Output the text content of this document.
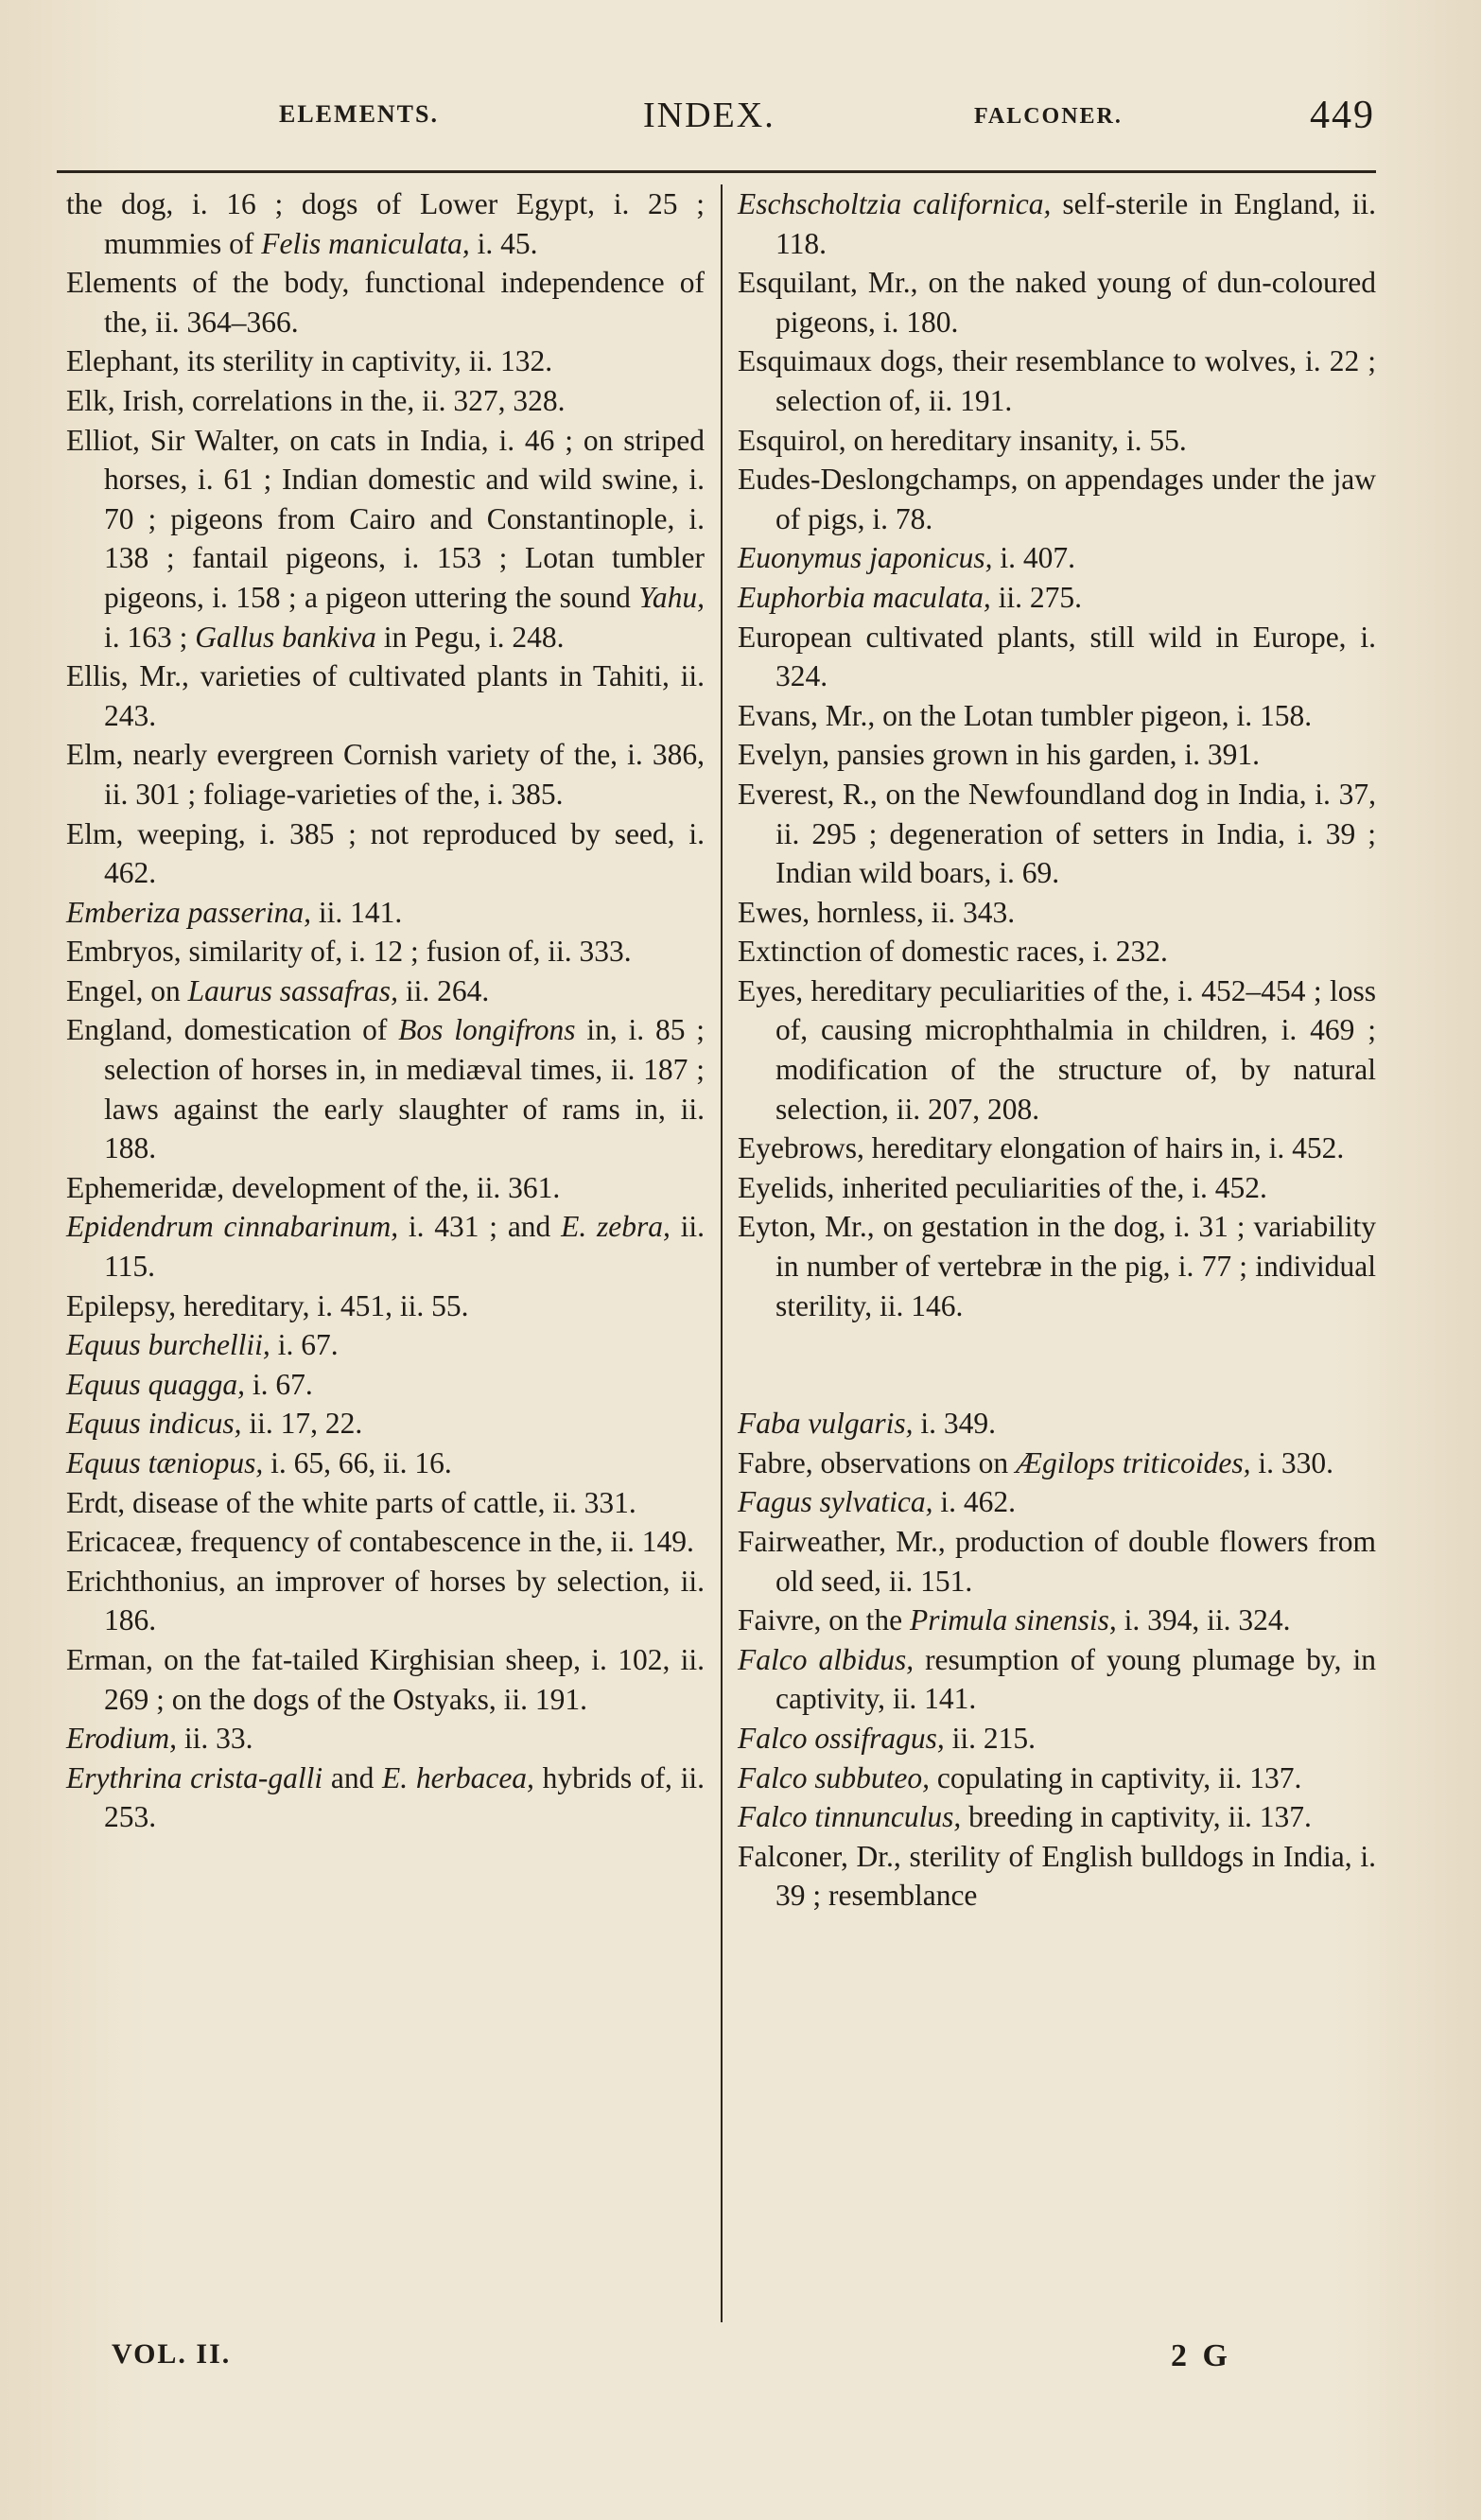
ELEMENTS.	INDEX.	FALCONER.	449

the dog, i. 16 ; dogs of Lower Egypt, i. 25 ; mummies of Felis maniculata, i. 45.

Elements of the body, functional independence of the, ii. 364–366.

Elephant, its sterility in captivity, ii. 132.

Elk, Irish, correlations in the, ii. 327, 328.

Elliot, Sir Walter, on cats in India, i. 46 ; on striped horses, i. 61 ; Indian domestic and wild swine, i. 70 ; pigeons from Cairo and Constantinople, i. 138 ; fantail pigeons, i. 153 ; Lotan tumbler pigeons, i. 158 ; a pigeon uttering the sound Yahu, i. 163 ; Gallus bankiva in Pegu, i. 248.

Ellis, Mr., varieties of cultivated plants in Tahiti, ii. 243.

Elm, nearly evergreen Cornish variety of the, i. 386, ii. 301 ; foliage-varieties of the, i. 385.

Elm, weeping, i. 385 ; not reproduced by seed, i. 462.

Emberiza passerina, ii. 141.

Embryos, similarity of, i. 12 ; fusion of, ii. 333.

Engel, on Laurus sassafras, ii. 264.

England, domestication of Bos longifrons in, i. 85 ; selection of horses in, in mediæval times, ii. 187 ; laws against the early slaughter of rams in, ii. 188.

Ephemeridæ, development of the, ii. 361.

Epidendrum cinnabarinum, i. 431 ; and E. zebra, ii. 115.

Epilepsy, hereditary, i. 451, ii. 55.

Equus burchellii, i. 67.

Equus quagga, i. 67.

Equus indicus, ii. 17, 22.

Equus tæniopus, i. 65, 66, ii. 16.

Erdt, disease of the white parts of cattle, ii. 331.

Ericaceæ, frequency of contabescence in the, ii. 149.

Erichthonius, an improver of horses by selection, ii. 186.

Erman, on the fat-tailed Kirghisian sheep, i. 102, ii. 269 ; on the dogs of the Ostyaks, ii. 191.

Erodium, ii. 33.

Erythrina crista-galli and E. herbacea, hybrids of, ii. 253.

Eschscholtzia californica, self-sterile in England, ii. 118.

Esquilant, Mr., on the naked young of dun-coloured pigeons, i. 180.

Esquimaux dogs, their resemblance to wolves, i. 22 ; selection of, ii. 191.

Esquirol, on hereditary insanity, i. 55.

Eudes-Deslongchamps, on appendages under the jaw of pigs, i. 78.

Euonymus japonicus, i. 407.

Euphorbia maculata, ii. 275.

European cultivated plants, still wild in Europe, i. 324.

Evans, Mr., on the Lotan tumbler pigeon, i. 158.

Evelyn, pansies grown in his garden, i. 391.

Everest, R., on the Newfoundland dog in India, i. 37, ii. 295 ; degeneration of setters in India, i. 39 ; Indian wild boars, i. 69.

Ewes, hornless, ii. 343.

Extinction of domestic races, i. 232.

Eyes, hereditary peculiarities of the, i. 452–454 ; loss of, causing microphthalmia in children, i. 469 ; modification of the structure of, by natural selection, ii. 207, 208.

Eyebrows, hereditary elongation of hairs in, i. 452.

Eyelids, inherited peculiarities of the, i. 452.

Eyton, Mr., on gestation in the dog, i. 31 ; variability in number of vertebræ in the pig, i. 77 ; individual sterility, ii. 146.

Faba vulgaris, i. 349.

Fabre, observations on Ægilops triticoides, i. 330.

Fagus sylvatica, i. 462.

Fairweather, Mr., production of double flowers from old seed, ii. 151.

Faivre, on the Primula sinensis, i. 394, ii. 324.

Falco albidus, resumption of young plumage by, in captivity, ii. 141.

Falco ossifragus, ii. 215.

Falco subbuteo, copulating in captivity, ii. 137.

Falco tinnunculus, breeding in captivity, ii. 137.

Falconer, Dr., sterility of English bulldogs in India, i. 39 ; resemblance

VOL. II.	2 G
